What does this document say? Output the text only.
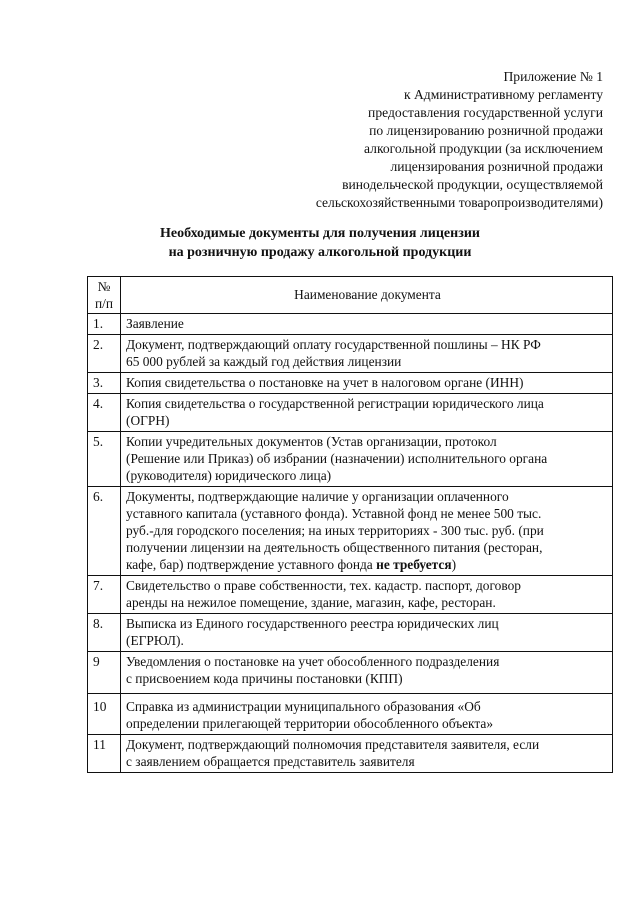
Приложение № 1
к Административному регламенту
предоставления государственной услуги
по лицензированию розничной продажи
алкогольной продукции (за исключением
лицензирования розничной продажи
винодельческой продукции, осуществляемой
сельскохозяйственными товаропроизводителями)
Необходимые документы для получения лицензии
на розничную продажу алкогольной продукции
№
п/п	Наименование документа
1.	Заявление

2.	Документ, подтверждающий оплату государственной пошлины – НК РФ
65 000 рублей за каждый год действия лицензии

3.	Копия свидетельства о постановке на учет в налоговом органе (ИНН)

4.	Копия свидетельства о государственной регистрации юридического лица
(ОГРН)

5.	Копии учредительных документов (Устав организации, протокол
(Решение или Приказ) об избрании (назначении) исполнительного органа
(руководителя) юридического лица)

6.	Документы, подтверждающие наличие у организации оплаченного
уставного капитала (уставного фонда). Уставной фонд не менее 500 тыс.
руб.-для городского поселения; на иных территориях - 300 тыс. руб. (при
получении лицензии на деятельность общественного питания (ресторан,
кафе, бар) подтверждение уставного фонда не требуется)

7.	Свидетельство о праве собственности, тех. кадастр. паспорт, договор
аренды на нежилое помещение, здание, магазин, кафе, ресторан.

8.	Выписка из Единого государственного реестра юридических лиц
(ЕГРЮЛ).

9	Уведомления о постановке на учет обособленного подразделения
с присвоением кода причины постановки (КПП)

10	Справка из администрации муниципального образования «Об
определении прилегающей территории обособленного объекта»

11	Документ, подтверждающий полномочия представителя заявителя, если
с заявлением обращается представитель заявителя
